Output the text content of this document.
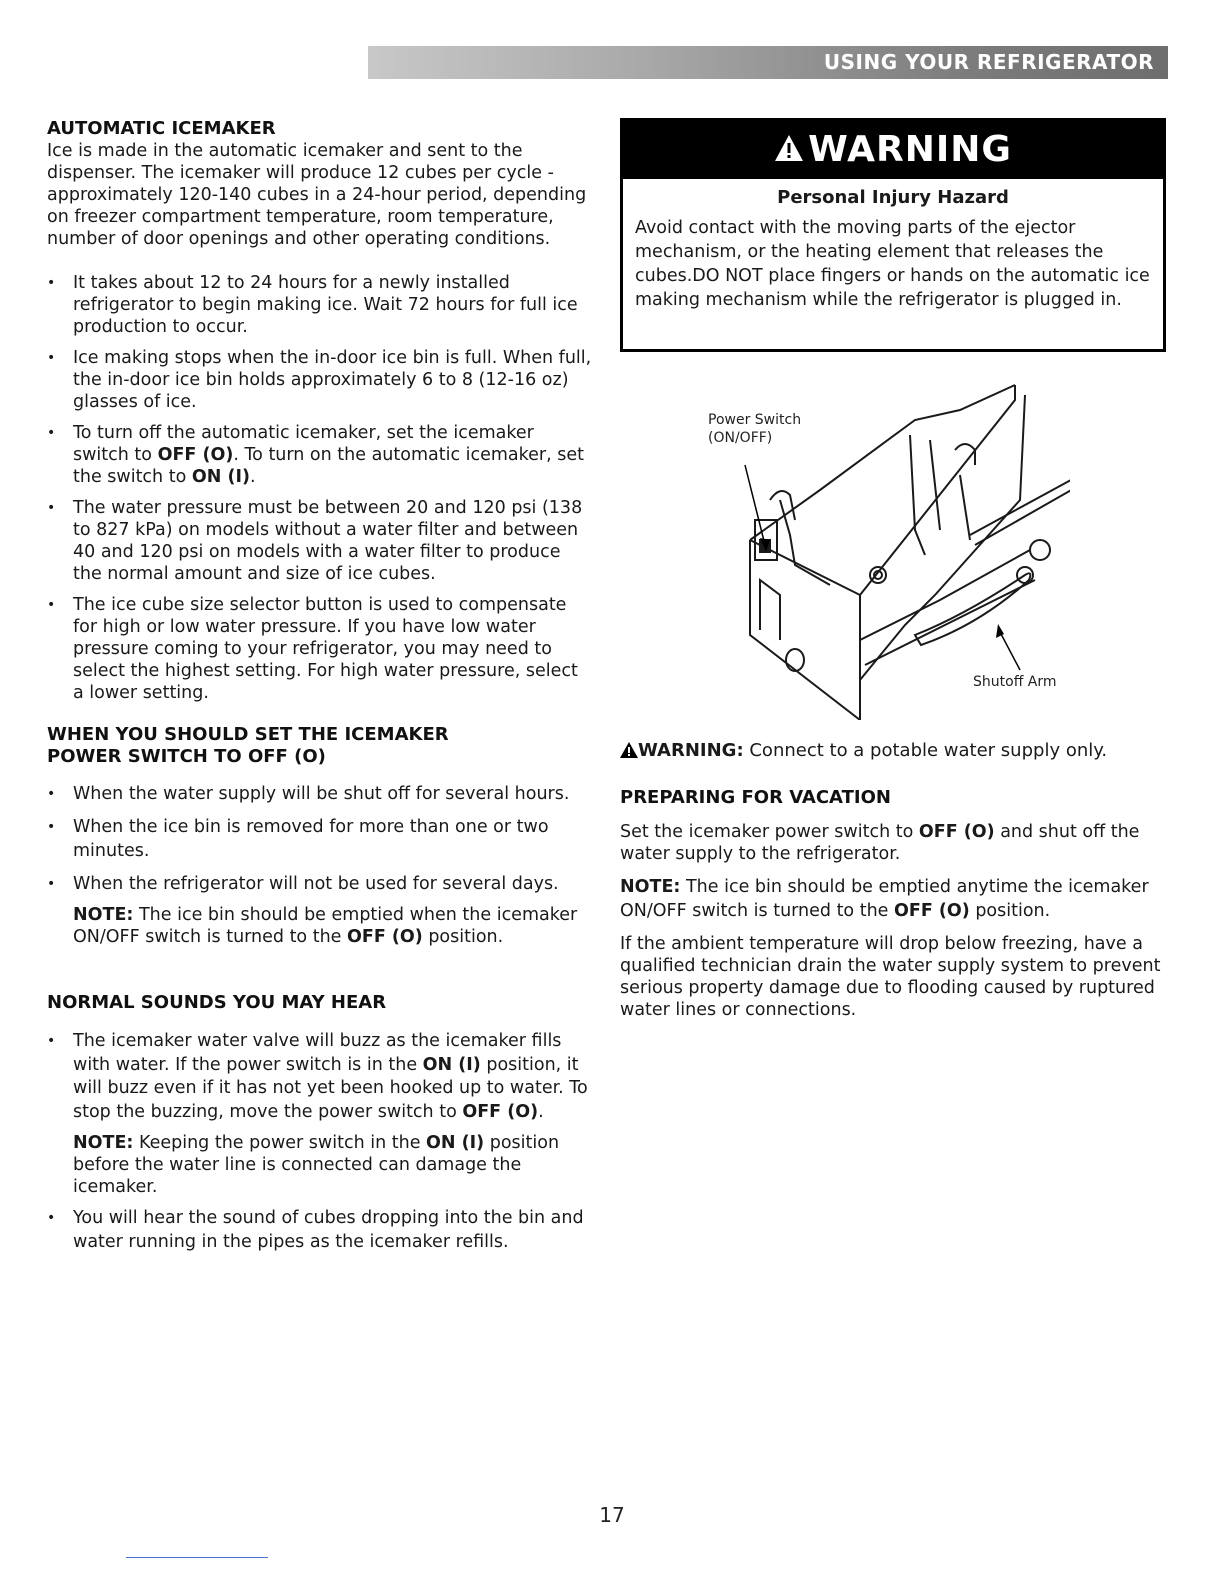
USING YOUR REFRIGERATOR
AUTOMATIC ICEMAKER

Ice is made in the automatic icemaker and sent to the dispenser. The icemaker will produce 12 cubes per cycle - approximately 120-140 cubes in a 24-hour period, depending on freezer compartment temperature, room temperature, number of door openings and other operating conditions.

• It takes about 12 to 24 hours for a newly installed refrigerator to begin making ice. Wait 72 hours for full ice production to occur.
• Ice making stops when the in-door ice bin is full. When full, the in-door ice bin holds approximately 6 to 8 (12-16 oz) glasses of ice.
• To turn off the automatic icemaker, set the icemaker switch to OFF (O). To turn on the automatic icemaker, set the switch to ON (I).
• The water pressure must be between 20 and 120 psi (138 to 827 kPa) on models without a water filter and between 40 and 120 psi on models with a water filter to produce the normal amount and size of ice cubes.
• The ice cube size selector button is used to compensate for high or low water pressure. If you have low water pressure coming to your refrigerator, you may need to select the highest setting. For high water pressure, select a lower setting.
WHEN YOU SHOULD SET THE ICEMAKER
POWER SWITCH TO OFF (O)
• When the water supply will be shut off for several hours.
• When the ice bin is removed for more than one or two minutes.
• When the refrigerator will not be used for several days.

NOTE: The ice bin should be emptied when the icemaker ON/OFF switch is turned to the OFF (O) position.

NORMAL SOUNDS YOU MAY HEAR
• The icemaker water valve will buzz as the icemaker fills with water. If the power switch is in the ON (I) position, it will buzz even if it has not yet been hooked up to water. To stop the buzzing, move the power switch to OFF (O).

NOTE: Keeping the power switch in the ON (I) position before the water line is connected can damage the icemaker.

• You will hear the sound of cubes dropping into the bin and water running in the pipes as the icemaker refills.
WARNING
Personal Injury Hazard
Avoid contact with the moving parts of the ejector mechanism, or the heating element that releases the cubes.DO NOT place fingers or hands on the automatic ice making mechanism while the refrigerator is plugged in.
Power Switch
(ON/OFF)
Shutoff Arm

WARNING: Connect to a potable water supply only.

PREPARING FOR VACATION

Set the icemaker power switch to OFF (O) and shut off the water supply to the refrigerator.

NOTE: The ice bin should be emptied anytime the icemaker ON/OFF switch is turned to the OFF (O) position.

If the ambient temperature will drop below freezing, have a qualified technician drain the water supply system to prevent serious property damage due to flooding caused by ruptured water lines or connections.

17
